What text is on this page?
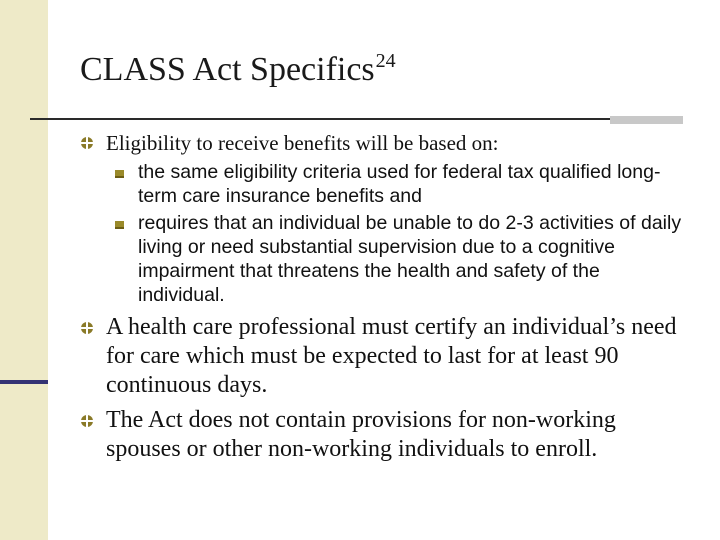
CLASS Act Specifics$^{24}$
Eligibility to receive benefits will be based on:
the same eligibility criteria used for federal tax qualified long-term care insurance benefits and
requires that an individual be unable to do 2-3 activities of daily living or need substantial supervision due to a cognitive impairment that threatens the health and safety of the individual.
A health care professional must certify an individual’s need for care which must be expected to last for at least 90 continuous days.
The Act does not contain provisions for non-working spouses or other non-working individuals to enroll.
